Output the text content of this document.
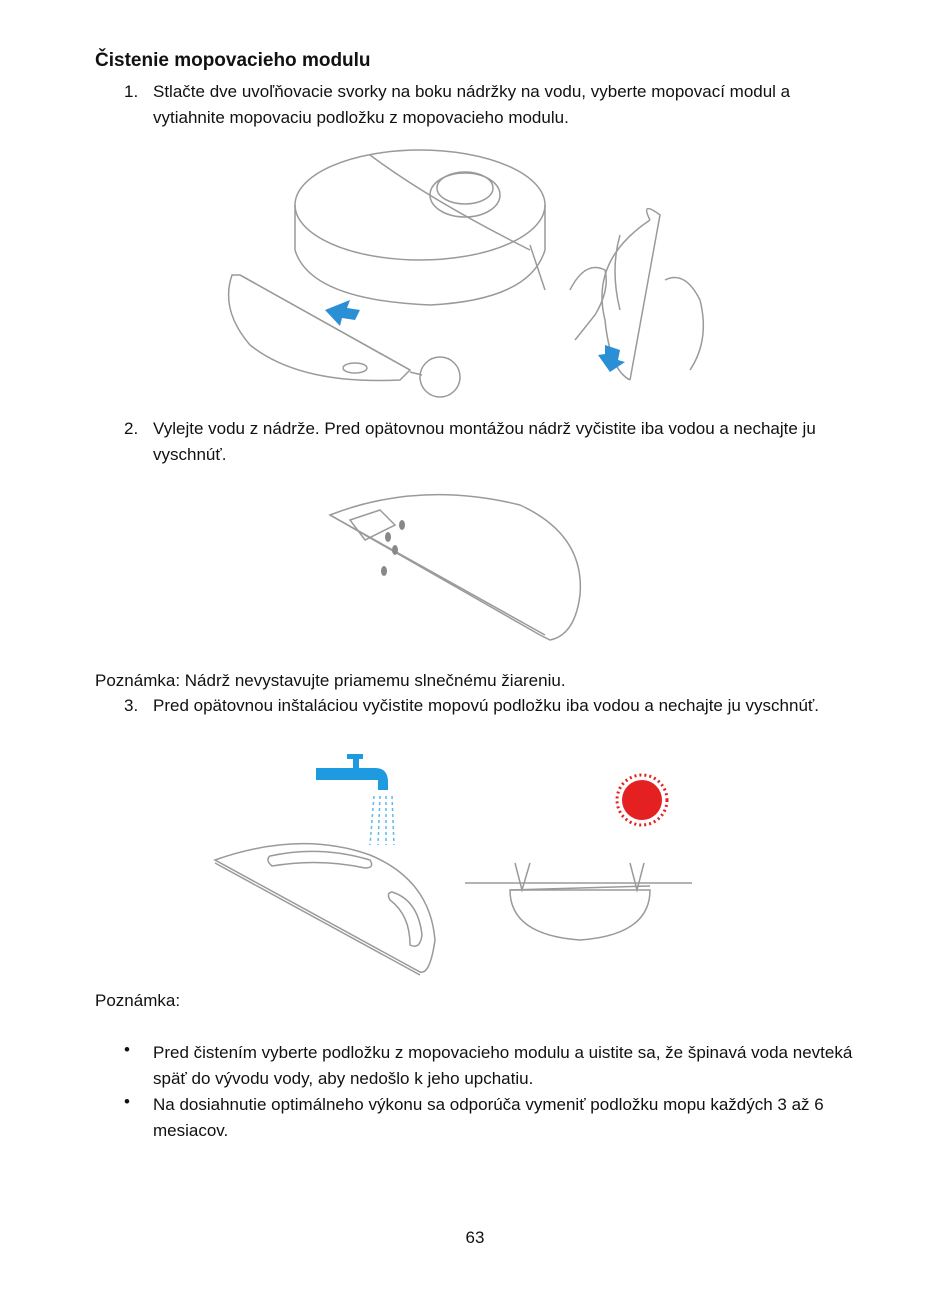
Čistenie mopovacieho modulu
1. Stlačte dve uvoľňovacie svorky na boku nádržky na vodu, vyberte mopovací modul a vytiahnite mopovaciu podložku z mopovacieho modulu.
2. Vylejte vodu z nádrže. Pred opätovnou montážou nádrž vyčistite iba vodou a nechajte ju vyschnúť.
Poznámka: Nádrž nevystavujte priamemu slnečnému žiareniu.
3. Pred opätovnou inštaláciou vyčistite mopovú podložku iba vodou a nechajte ju vyschnúť.
Poznámka:
• Pred čistením vyberte podložku z mopovacieho modulu a uistite sa, že špinavá voda nevteká späť do vývodu vody, aby nedošlo k jeho upchatiu.
• Na dosiahnutie optimálneho výkonu sa odporúča vymeniť podložku mopu každých 3 až 6 mesiacov.
63
